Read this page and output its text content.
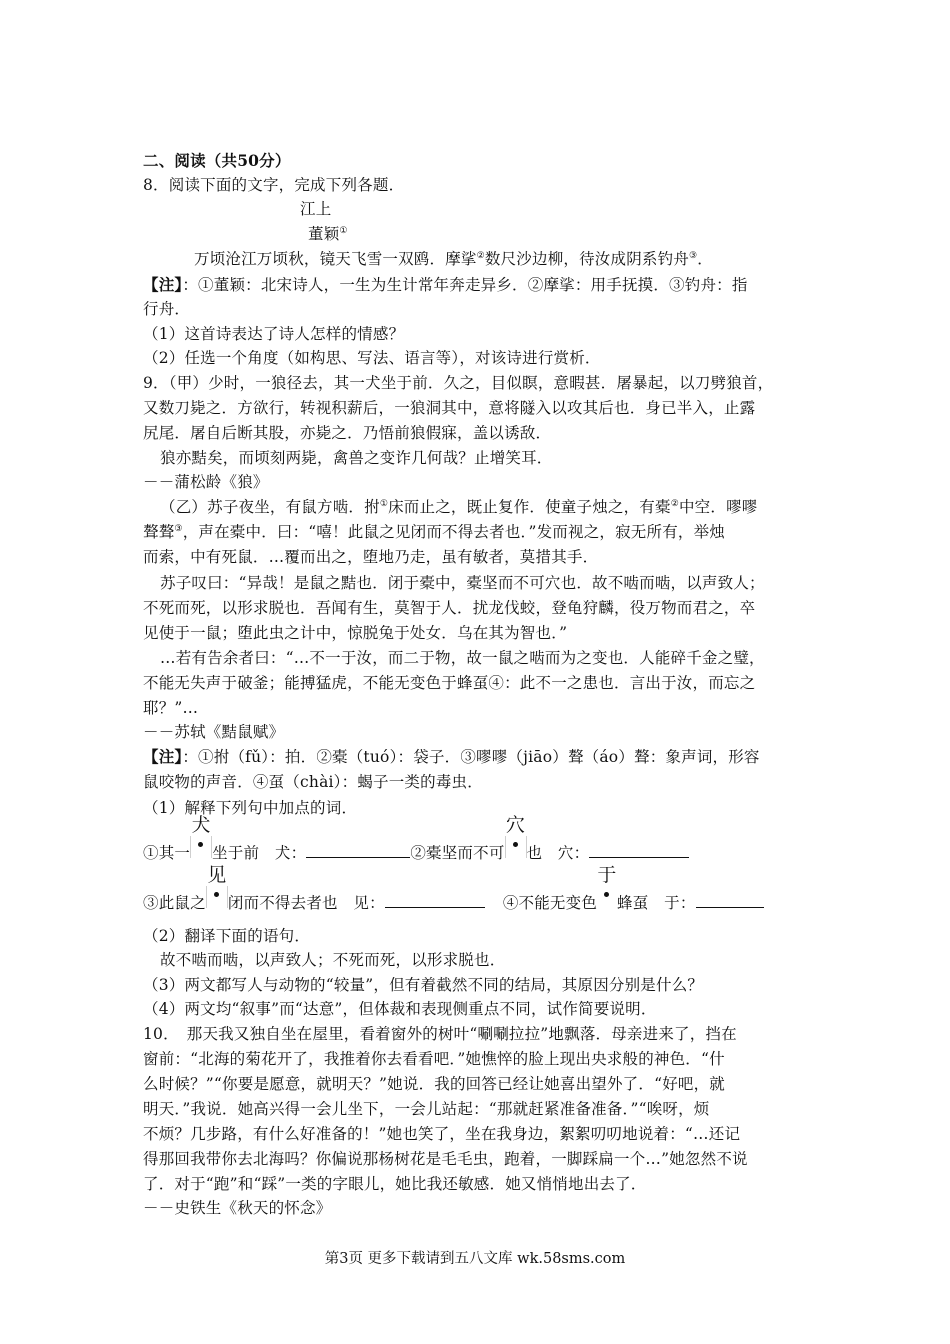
二、阅读（共50分）
8．阅读下面的文字，完成下列各题．
江上
董颖①
万顷沧江万顷秋，镜天飞雪一双鸥．摩挲②数尺沙边柳，待汝成阴系钓舟③．
【注】：①董颖：北宋诗人，一生为生计常年奔走异乡．②摩挲：用手抚摸．③钓舟：指
行舟．
（1）这首诗表达了诗人怎样的情感？
（2）任选一个角度（如构思、写法、语言等），对该诗进行赏析．
9．（甲）少时，一狼径去，其一犬坐于前．久之，目似瞑，意暇甚．屠暴起，以刀劈狼首，
又数刀毙之．方欲行，转视积薪后，一狼洞其中，意将隧入以攻其后也．身已半入，止露
尻尾．屠自后断其股，亦毙之．乃悟前狼假寐，盖以诱敌．
狼亦黠矣，而顷刻两毙，禽兽之变诈几何哉？止增笑耳．
－－蒲松龄《狼》
（乙）苏子夜坐，有鼠方啮．拊①床而止之，既止复作．使童子烛之，有橐②中空．嘐嘐
聱聱③，声在橐中．曰：“嘻！此鼠之见闭而不得去者也．”发而视之，寂无所有，举烛
而索，中有死鼠．…覆而出之，堕地乃走，虽有敏者，莫措其手．
苏子叹曰：“异哉！是鼠之黠也．闭于橐中，橐坚而不可穴也．故不啮而啮，以声致人；
不死而死，以形求脱也．吾闻有生，莫智于人．扰龙伐蛟，登龟狩麟，役万物而君之，卒
见使于一鼠；堕此虫之计中，惊脱兔于处女．乌在其为智也．”
…若有告余者曰：“…不一于汝，而二于物，故一鼠之啮而为之变也．人能碎千金之璧，
不能无失声于破釜；能搏猛虎，不能无变色于蜂虿④：此不一之患也．言出于汝，而忘之
耶？”…
－－苏轼《黠鼠赋》
【注】：①拊（fǔ）：拍．②橐（tuó）：袋子．③嘐嘐（jiāo）聱（áo）聱：象声词，形容
鼠咬物的声音．④虿（chài）：蝎子一类的毒虫．
（1）解释下列句中加点的词．
①其一
犬
坐于前　犬：	②橐坚而不可
穴
也　穴：
③此鼠之
见
闭而不得去者也　见：	④不能无变色
于
蜂虿　于：
（2）翻译下面的语句．
故不啮而啮，以声致人；不死而死，以形求脱也．
（3）两文都写人与动物的“较量”，但有着截然不同的结局，其原因分别是什么？
（4）两文均“叙事”而“达意”，但体裁和表现侧重点不同，试作简要说明．
10．　那天我又独自坐在屋里，看着窗外的树叶“唰唰拉拉”地飘落．母亲进来了，挡在
窗前：“北海的菊花开了，我推着你去看看吧．”她憔悴的脸上现出央求般的神色．“什
么时候？”“你要是愿意，就明天？”她说．我的回答已经让她喜出望外了．“好吧，就
明天．”我说．她高兴得一会儿坐下，一会儿站起：“那就赶紧准备准备．”“唉呀，烦
不烦？几步路，有什么好准备的！”她也笑了，坐在我身边，絮絮叨叨地说着：“…还记
得那回我带你去北海吗？你偏说那杨树花是毛毛虫，跑着，一脚踩扁一个…”她忽然不说
了．对于“跑”和“踩”一类的字眼儿，她比我还敏感．她又悄悄地出去了．
－－史铁生《秋天的怀念》
第3页 更多下载请到五八文库 wk.58sms.com
